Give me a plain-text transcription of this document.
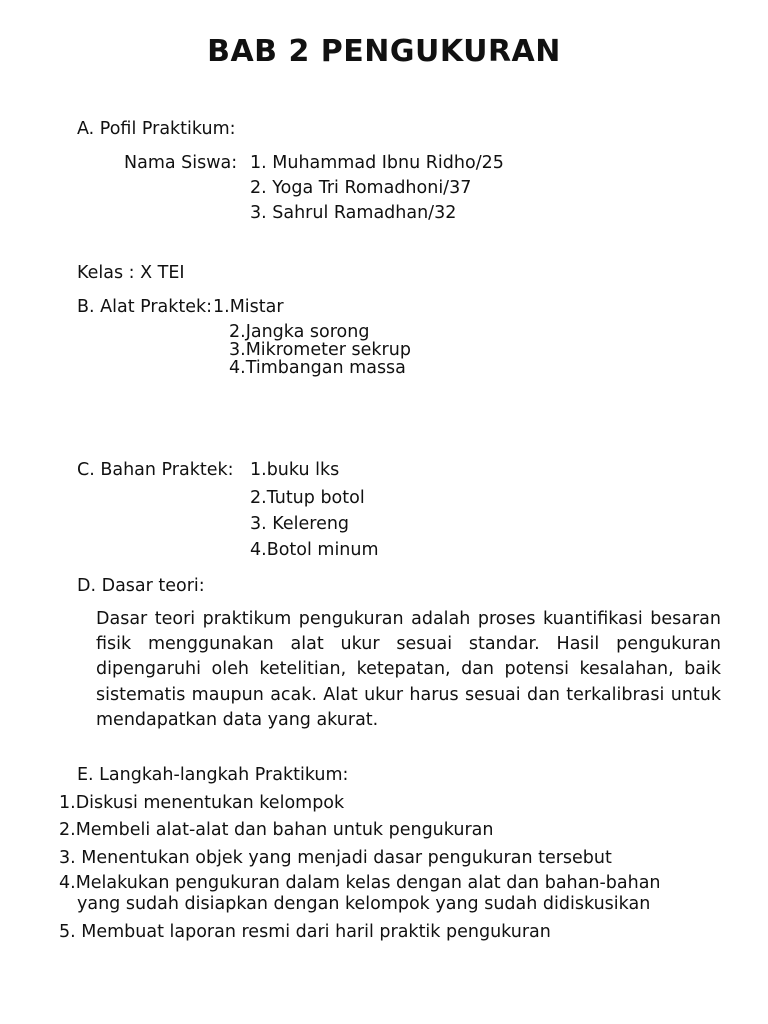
BAB 2 PENGUKURAN
A. Pofil Praktikum:
Nama Siswa: 1. Muhammad Ibnu Ridho/25
2. Yoga Tri Romadhoni/37
3. Sahrul Ramadhan/32
Kelas : X TEI
B. Alat Praktek: 1.Mistar
2.Jangka sorong
3.Mikrometer sekrup
4.Timbangan massa
C. Bahan Praktek: 1.buku lks
2.Tutup botol
3. Kelereng
4.Botol minum
D. Dasar teori:
Dasar teori praktikum pengukuran adalah proses kuantifikasi besaran fisik menggunakan alat ukur sesuai standar. Hasil pengukuran dipengaruhi oleh ketelitian, ketepatan, dan potensi kesalahan, baik sistematis maupun acak. Alat ukur harus sesuai dan terkalibrasi untuk mendapatkan data yang akurat.
E. Langkah-langkah Praktikum:
1.Diskusi menentukan kelompok
2.Membeli alat-alat dan bahan untuk pengukuran
3. Menentukan objek yang menjadi dasar pengukuran tersebut
4.Melakukan pengukuran dalam kelas dengan alat dan bahan-bahan
yang sudah disiapkan dengan kelompok yang sudah didiskusikan
5. Membuat laporan resmi dari haril praktik pengukuran
